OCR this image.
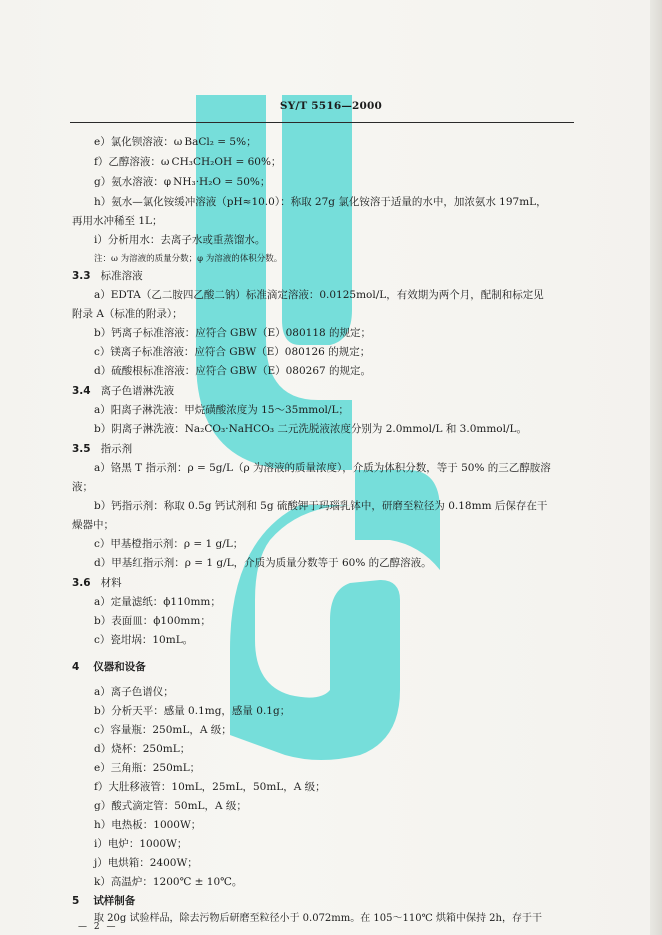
SY/T 5516—2000
e）氯化钡溶液：ω BaCl₂ = 5%；
f）乙醇溶液：ω CH₃CH₂OH = 60%；
g）氨水溶液：φ NH₃·H₂O = 50%；
h）氨水—氯化铵缓冲溶液（pH≈10.0）：称取 27g 氯化铵溶于适量的水中，加浓氨水 197mL，
再用水冲稀至 1L；
i）分析用水：去离子水或重蒸馏水。
注：ω 为溶液的质量分数；φ 为溶液的体积分数。
3.3 标准溶液
a）EDTA（乙二胺四乙酸二钠）标准滴定溶液：0.0125mol/L，有效期为两个月，配制和标定见
附录 A（标准的附录）；
b）钙离子标准溶液：应符合 GBW（E）080118 的规定；
c）镁离子标准溶液：应符合 GBW（E）080126 的规定；
d）硫酸根标准溶液：应符合 GBW（E）080267 的规定。
3.4 离子色谱淋洗液
a）阳离子淋洗液：甲烷磺酸浓度为 15～35mmol/L；
b）阴离子淋洗液：Na₂CO₃·NaHCO₃ 二元洗脱液浓度分别为 2.0mmol/L 和 3.0mmol/L。
3.5 指示剂
a）铬黑 T 指示剂：ρ = 5g/L（ρ 为溶液的质量浓度），介质为体积分数，等于 50% 的三乙醇胺溶
液；
b）钙指示剂：称取 0.5g 钙试剂和 5g 硫酸钾于玛瑙乳钵中，研磨至粒径为 0.18mm 后保存在干
燥器中；
c）甲基橙指示剂：ρ = 1 g/L；
d）甲基红指示剂：ρ = 1 g/L，介质为质量分数等于 60% 的乙醇溶液。
3.6 材料
a）定量滤纸：ϕ110mm；
b）表面皿：ϕ100mm；
c）瓷坩埚：10mL。
4 仪器和设备
a）离子色谱仪；
b）分析天平：感量 0.1mg，感量 0.1g；
c）容量瓶：250mL，A 级；
d）烧杯：250mL；
e）三角瓶：250mL；
f）大肚移液管：10mL，25mL，50mL，A 级；
g）酸式滴定管：50mL，A 级；
h）电热板：1000W；
i）电炉：1000W；
j）电烘箱：2400W；
k）高温炉：1200℃ ± 10℃。
5 试样制备
取 20g 试验样品，除去污物后研磨至粒径小于 0.072mm。在 105～110℃ 烘箱中保持 2h，存于干
— 2 —
